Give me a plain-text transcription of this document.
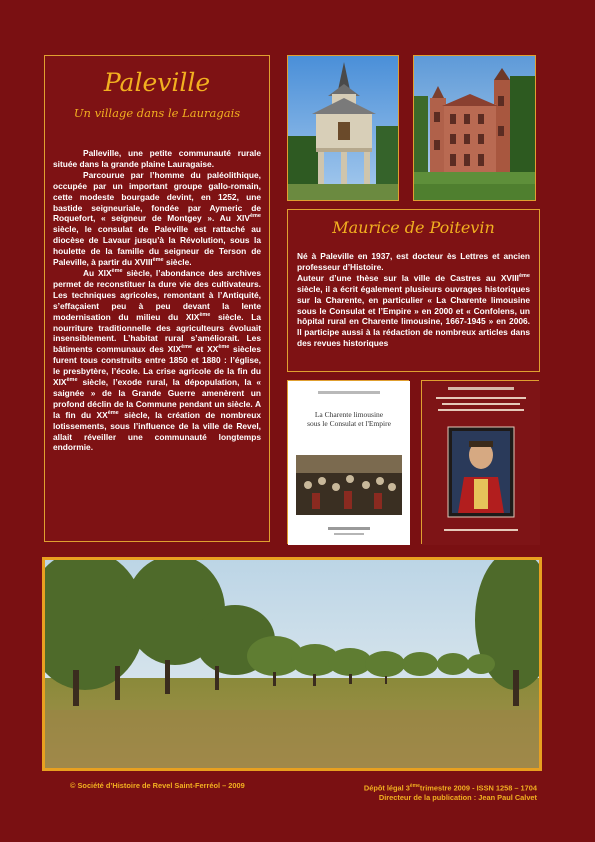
Paleville
Un village dans le Lauragais

Palleville, une petite communauté rurale située dans la grande plaine Lauragaise.

Parcourue par l’homme du paléolithique, occupée par un important groupe gallo-romain, cette modeste bourgade devint, en 1252, une bastide seigneuriale, fondée par Aymeric de Roquefort, « seigneur de Montgey ». Au XIVème siècle, le consulat de Paleville est rattaché au diocèse de Lavaur jusqu’à la Révolution, sous la houlette de la famille du seigneur de Terson de Paleville, à partir du XVIIIème siècle.

Au XIXème siècle, l’abondance des archives permet de reconstituer la dure vie des cultivateurs. Les techniques agricoles, remontant à l’Antiquité, s’effaçaient peu à peu devant la lente modernisation du milieu du XIXème siècle. La nourriture traditionnelle des agriculteurs évoluait insensiblement. L’habitat rural s’améliorait. Les bâtiments communaux des XIXème et XXème siècles furent tous construits entre 1850 et 1880 : l’église, le presbytère, l’école. La crise agricole de la fin du XIXème siècle, l’exode rural, la dépopulation, la « saignée » de la Grande Guerre amenèrent un profond déclin de la Commune pendant un siècle. A la fin du XXème siècle, la création de nombreux lotissements, sous l’influence de la ville de Revel, allait réveiller une communauté longtemps endormie.

Maurice de Poitevin

Né à Paleville en 1937, est docteur ès Lettres et ancien professeur d’Histoire.

Auteur d’une thèse sur la ville de Castres au XVIIIème siècle, il a écrit également plusieurs ouvrages historiques sur la Charente, en particulier « La Charente limousine sous le Consulat et l’Empire » en 2000 et « Confolens, un hôpital rural en Charente limousine, 1667-1945 » en 2006. Il participe aussi à la rédaction de nombreux articles dans des revues historiques

La Charente limousine
sous le Consulat et l'Empire
© Société d’Histoire de Revel Saint-Ferréol – 2009	Dépôt légal 3èmetrimestre 2009 - ISSN 1258 – 1704
Directeur de la publication : Jean Paul Calvet
